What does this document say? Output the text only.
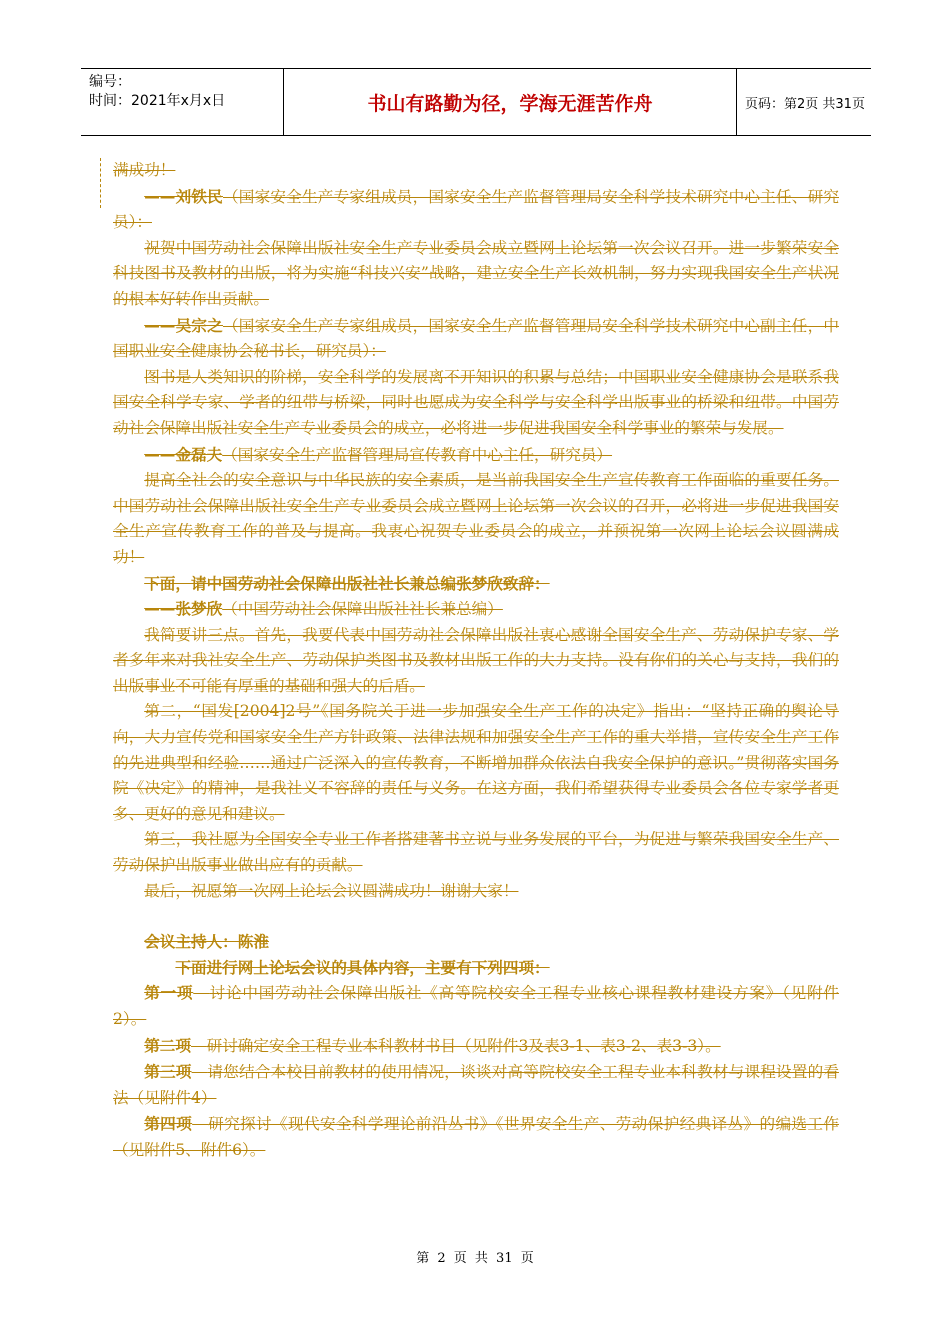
编号：
时间：2021年x月x日	书山有路勤为径，学海无涯苦作舟	页码：第2页 共31页

满成功！

——刘铁民（国家安全生产专家组成员，国家安全生产监督管理局安全科学技术研究中心主任、研究员）：

祝贺中国劳动社会保障出版社安全生产专业委员会成立暨网上论坛第一次会议召开。进一步繁荣安全科技图书及教材的出版，将为实施“科技兴安”战略，建立安全生产长效机制，努力实现我国安全生产状况的根本好转作出贡献。

——吴宗之（国家安全生产专家组成员，国家安全生产监督管理局安全科学技术研究中心副主任，中国职业安全健康协会秘书长，研究员）：

图书是人类知识的阶梯，安全科学的发展离不开知识的积累与总结；中国职业安全健康协会是联系我国安全科学专家、学者的纽带与桥梁，同时也愿成为安全科学与安全科学出版事业的桥梁和纽带。中国劳动社会保障出版社安全生产专业委员会的成立，必将进一步促进我国安全科学事业的繁荣与发展。

——金磊夫（国家安全生产监督管理局宣传教育中心主任，研究员）

提高全社会的安全意识与中华民族的安全素质，是当前我国安全生产宣传教育工作面临的重要任务。中国劳动社会保障出版社安全生产专业委员会成立暨网上论坛第一次会议的召开，必将进一步促进我国安全生产宣传教育工作的普及与提高。我衷心祝贺专业委员会的成立，并预祝第一次网上论坛会议圆满成功！

下面，请中国劳动社会保障出版社社长兼总编张梦欣致辞：

——张梦欣（中国劳动社会保障出版社社长兼总编）

我简要讲三点。首先，我要代表中国劳动社会保障出版社衷心感谢全国安全生产、劳动保护专家、学者多年来对我社安全生产、劳动保护类图书及教材出版工作的大力支持。没有你们的关心与支持，我们的出版事业不可能有厚重的基础和强大的后盾。

第二，“国发[2004]2号”《国务院关于进一步加强安全生产工作的决定》指出：“坚持正确的舆论导向，大力宣传党和国家安全生产方针政策、法律法规和加强安全生产工作的重大举措，宣传安全生产工作的先进典型和经验……通过广泛深入的宣传教育，不断增加群众依法自我安全保护的意识。”贯彻落实国务院《决定》的精神，是我社义不容辞的责任与义务。在这方面，我们希望获得专业委员会各位专家学者更多、更好的意见和建议。

第三，我社愿为全国安全专业工作者搭建著书立说与业务发展的平台，为促进与繁荣我国安全生产、劳动保护出版事业做出应有的贡献。

最后，祝愿第一次网上论坛会议圆满成功！谢谢大家！

会议主持人：陈淮

下面进行网上论坛会议的具体内容，主要有下列四项：

第一项　 讨论中国劳动社会保障出版社《高等院校安全工程专业核心课程教材建设方案》（见附件2）。

第二项　 研讨确定安全工程专业本科教材书目（见附件3及表3-1、表3-2、表3-3）。

第三项　 请您结合本校目前教材的使用情况，谈谈对高等院校安全工程专业本科教材与课程设置的看法（见附件4）

第四项　 研究探讨《现代安全科学理论前沿丛书》《世界安全生产、劳动保护经典译丛》的编选工作（见附件5、附件6）。

第 2 页 共 31 页
